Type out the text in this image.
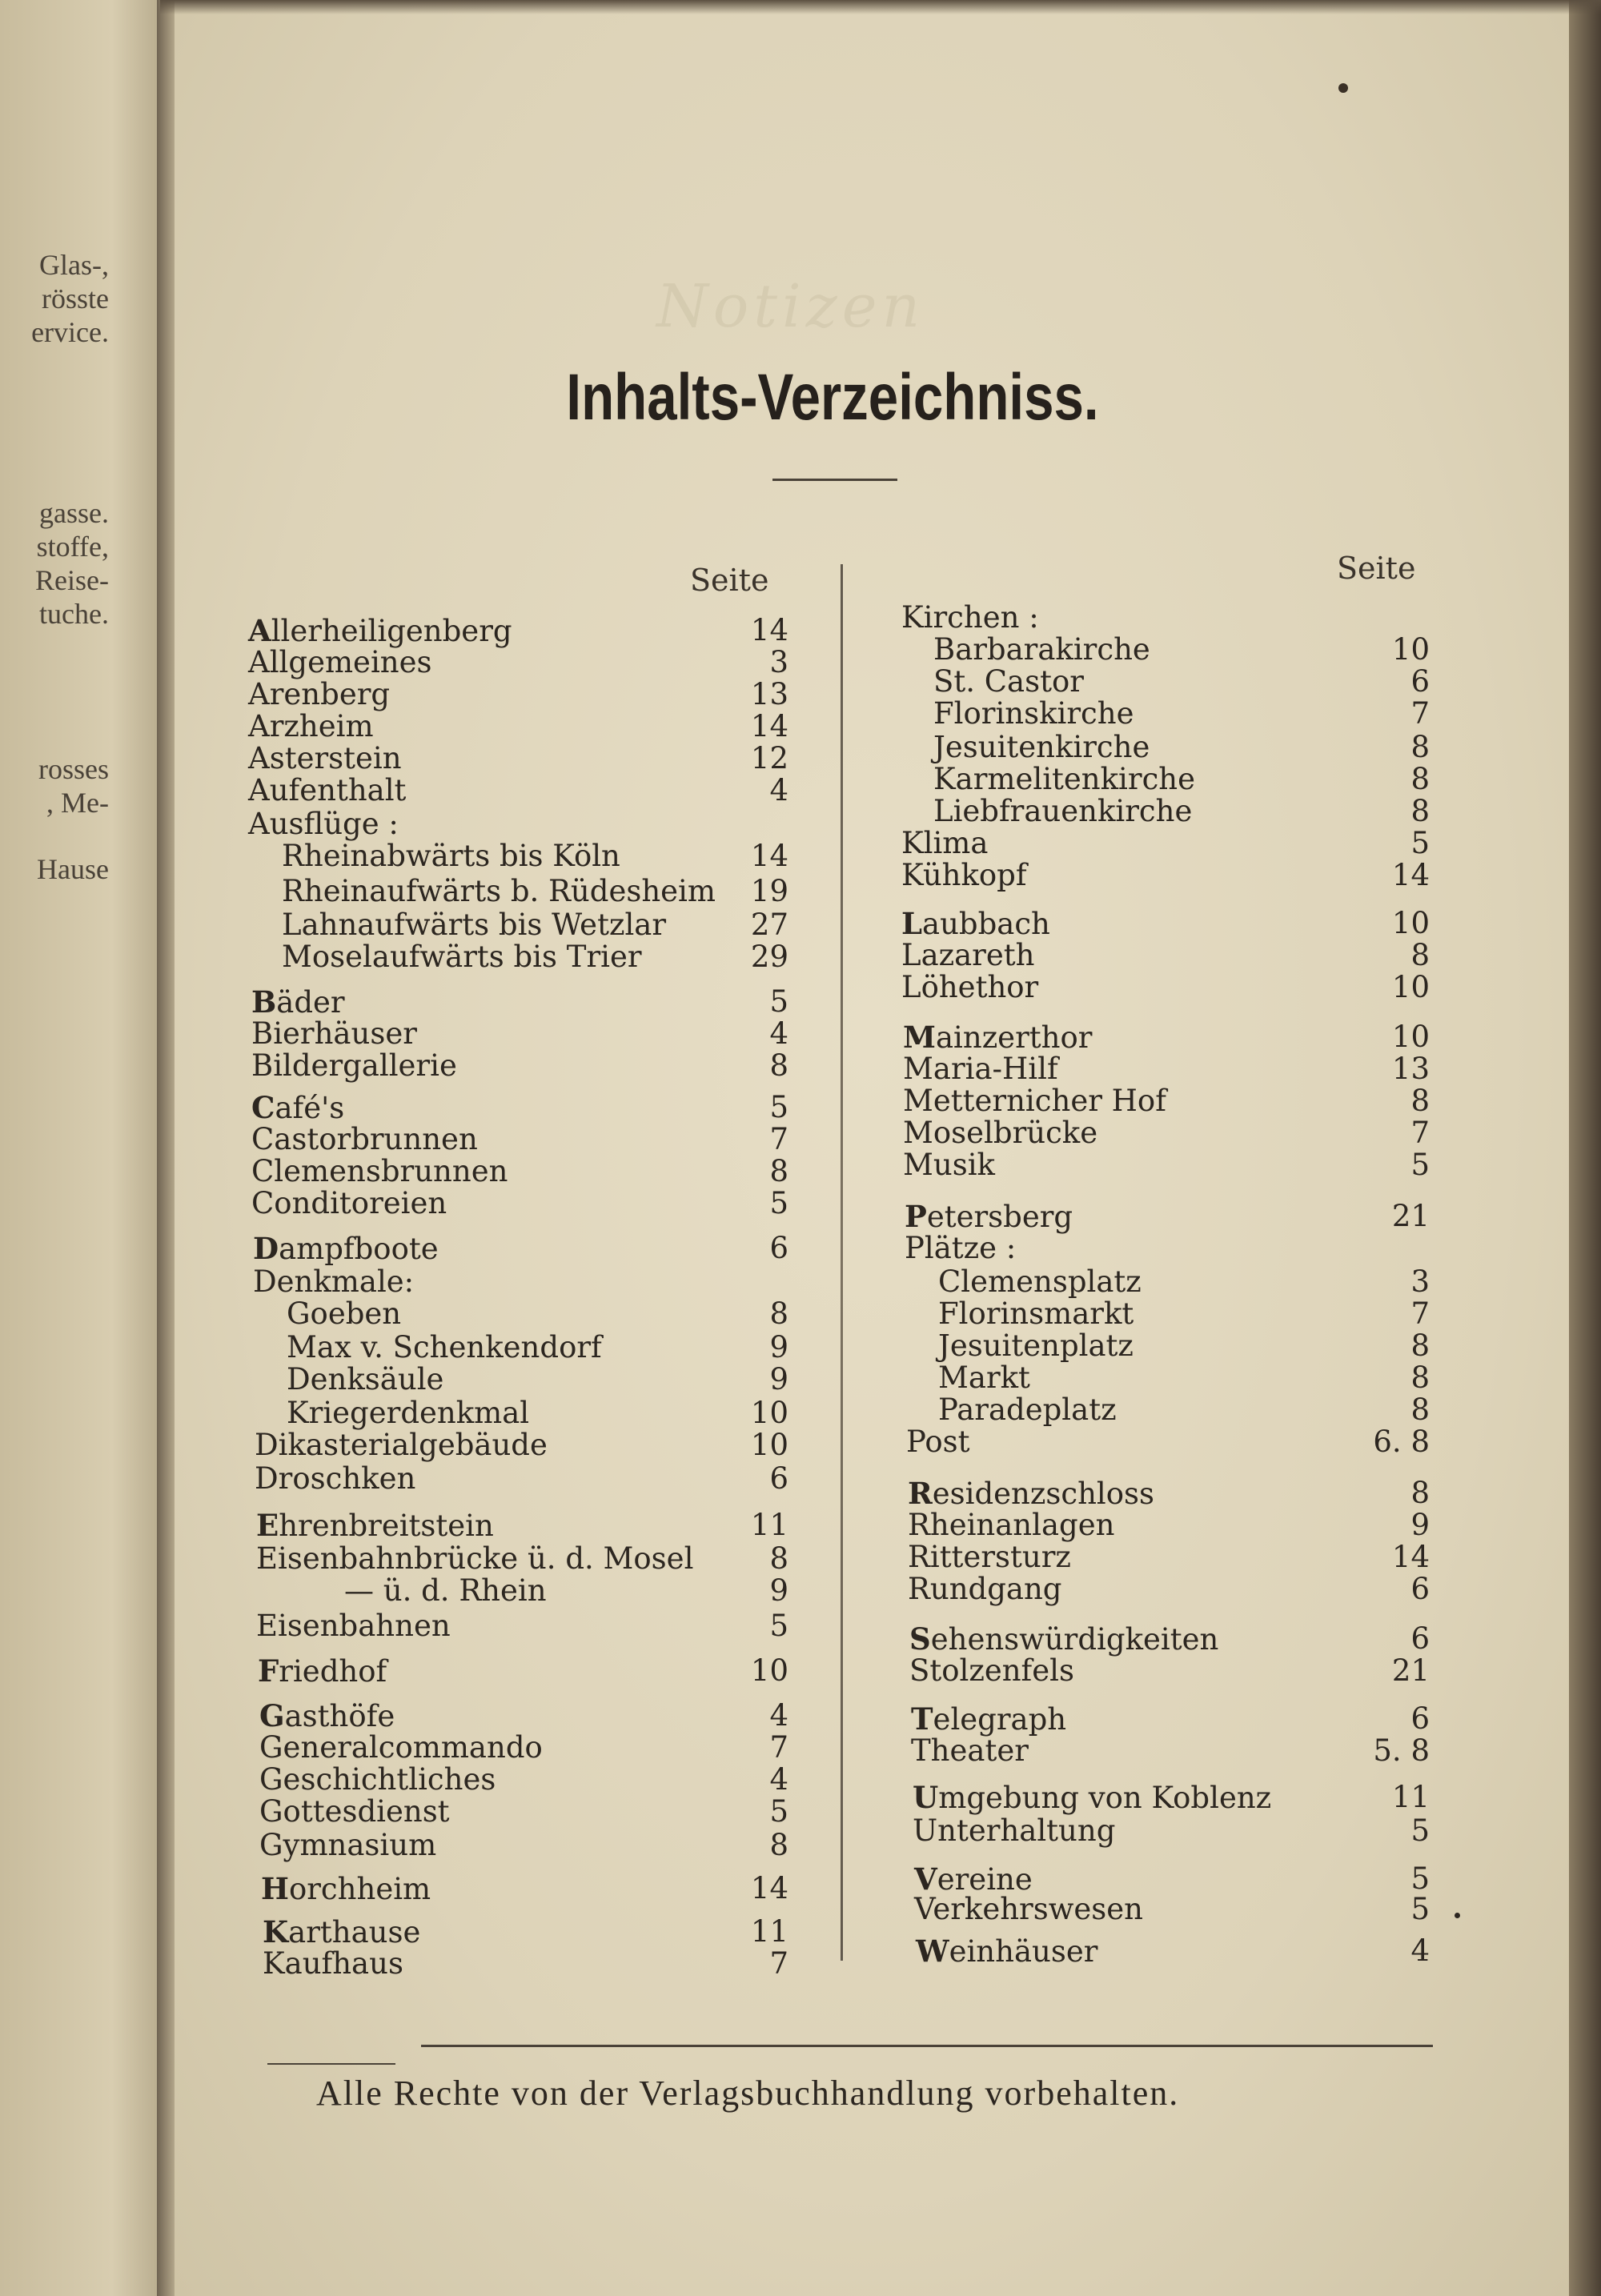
Glas-,
rösste
ervice.
gasse.
stoffe,
Reise-
tuche.
rosses
, Me-
Hause
Notizen
Inhalts-Verzeichniss.
Seite	Seite
Allerheiligenberg	14
Allgemeines	3
Arenberg	13
Arzheim	14
Asterstein	12
Aufenthalt	4
Ausflüge :
Rheinabwärts bis Köln	14
Rheinaufwärts b. Rüdesheim 19
Lahnaufwärts bis Wetzlar	27
Moselaufwärts bis Trier	29
Bäder	5
Bierhäuser	4
Bildergallerie	8
Café's	5
Castorbrunnen	7
Clemensbrunnen	8
Conditoreien	5
Dampfboote	6
Denkmale:
Goeben	8
Max v. Schenkendorf	9
Denksäule	9
Kriegerdenkmal	10
Dikasterialgebäude	10
Droschken	6
Ehrenbreitstein	11
Eisenbahnbrücke ü. d. Mosel	8
— ü. d. Rhein	9
Eisenbahnen	5
Friedhof	10
Gasthöfe	4
Generalcommando	7
Geschichtliches	4
Gottesdienst	5
Gymnasium	8
Horchheim	14
Karthause	11
Kaufhaus	7
Kirchen :
Barbarakirche	10
St. Castor	6
Florinskirche	7
Jesuitenkirche	8
Karmelitenkirche	8
Liebfrauenkirche	8
Klima	5
Kühkopf	14
Laubbach	10
Lazareth	8
Löhethor	10
Mainzerthor	10
Maria-Hilf	13
Metternicher Hof	8
Moselbrücke	7
Musik	5
Petersberg	21
Plätze :
Clemensplatz	3
Florinsmarkt	7
Jesuitenplatz	8
Markt	8
Paradeplatz	8
Post	6. 8
Residenzschloss	8
Rheinanlagen	9
Rittersturz	14
Rundgang	6
Sehenswürdigkeiten	6
Stolzenfels	21
Telegraph	6
Theater	5. 8
Umgebung von Koblenz	11
Unterhaltung	5
Vereine	5
Verkehrswesen	5
Weinhäuser	4
Alle Rechte von der Verlagsbuchhandlung vorbehalten.
